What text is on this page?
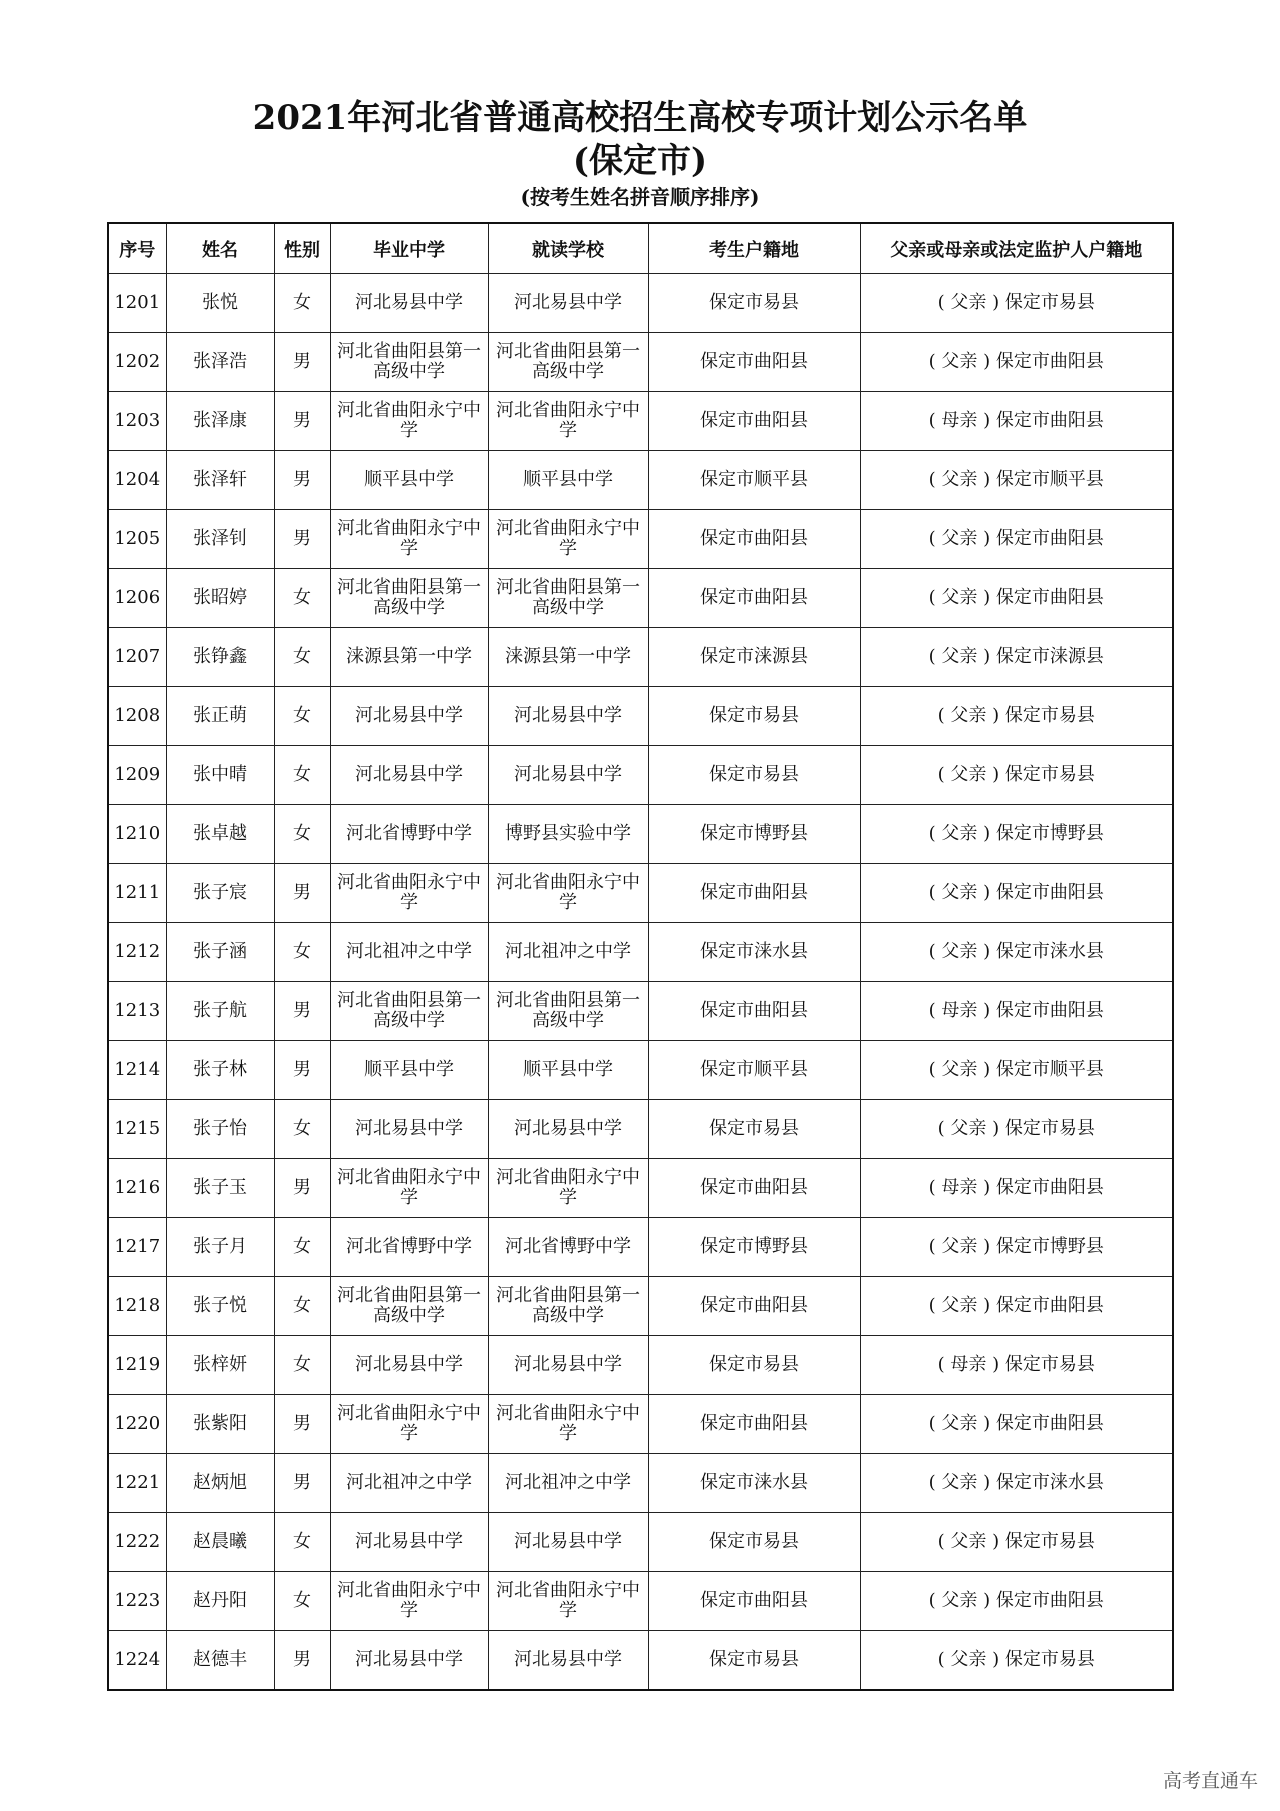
2021年河北省普通高校招生高校专项计划公示名单
(保定市)
(按考生姓名拼音顺序排序)
序号	姓名	性别	毕业中学	就读学校	考生户籍地	父亲或母亲或法定监护人户籍地
1201	张悦	女	河北易县中学	河北易县中学	保定市易县	( 父亲 ) 保定市易县
1202	张泽浩	男	河北省曲阳县第一高级中学	河北省曲阳县第一高级中学	保定市曲阳县	( 父亲 ) 保定市曲阳县
1203	张泽康	男	河北省曲阳永宁中学	河北省曲阳永宁中学	保定市曲阳县	( 母亲 ) 保定市曲阳县
1204	张泽轩	男	顺平县中学	顺平县中学	保定市顺平县	( 父亲 ) 保定市顺平县
1205	张泽钊	男	河北省曲阳永宁中学	河北省曲阳永宁中学	保定市曲阳县	( 父亲 ) 保定市曲阳县
1206	张昭婷	女	河北省曲阳县第一高级中学	河北省曲阳县第一高级中学	保定市曲阳县	( 父亲 ) 保定市曲阳县
1207	张铮鑫	女	涞源县第一中学	涞源县第一中学	保定市涞源县	( 父亲 ) 保定市涞源县
1208	张正萌	女	河北易县中学	河北易县中学	保定市易县	( 父亲 ) 保定市易县
1209	张中晴	女	河北易县中学	河北易县中学	保定市易县	( 父亲 ) 保定市易县
1210	张卓越	女	河北省博野中学	博野县实验中学	保定市博野县	( 父亲 ) 保定市博野县
1211	张子宸	男	河北省曲阳永宁中学	河北省曲阳永宁中学	保定市曲阳县	( 父亲 ) 保定市曲阳县
1212	张子涵	女	河北祖冲之中学	河北祖冲之中学	保定市涞水县	( 父亲 ) 保定市涞水县
1213	张子航	男	河北省曲阳县第一高级中学	河北省曲阳县第一高级中学	保定市曲阳县	( 母亲 ) 保定市曲阳县
1214	张子林	男	顺平县中学	顺平县中学	保定市顺平县	( 父亲 ) 保定市顺平县
1215	张子怡	女	河北易县中学	河北易县中学	保定市易县	( 父亲 ) 保定市易县
1216	张子玉	男	河北省曲阳永宁中学	河北省曲阳永宁中学	保定市曲阳县	( 母亲 ) 保定市曲阳县
1217	张子月	女	河北省博野中学	河北省博野中学	保定市博野县	( 父亲 ) 保定市博野县
1218	张子悦	女	河北省曲阳县第一高级中学	河北省曲阳县第一高级中学	保定市曲阳县	( 父亲 ) 保定市曲阳县
1219	张梓妍	女	河北易县中学	河北易县中学	保定市易县	( 母亲 ) 保定市易县
1220	张紫阳	男	河北省曲阳永宁中学	河北省曲阳永宁中学	保定市曲阳县	( 父亲 ) 保定市曲阳县
1221	赵炳旭	男	河北祖冲之中学	河北祖冲之中学	保定市涞水县	( 父亲 ) 保定市涞水县
1222	赵晨曦	女	河北易县中学	河北易县中学	保定市易县	( 父亲 ) 保定市易县
1223	赵丹阳	女	河北省曲阳永宁中学	河北省曲阳永宁中学	保定市曲阳县	( 父亲 ) 保定市曲阳县
1224	赵德丰	男	河北易县中学	河北易县中学	保定市易县	( 父亲 ) 保定市易县
高考直通车
